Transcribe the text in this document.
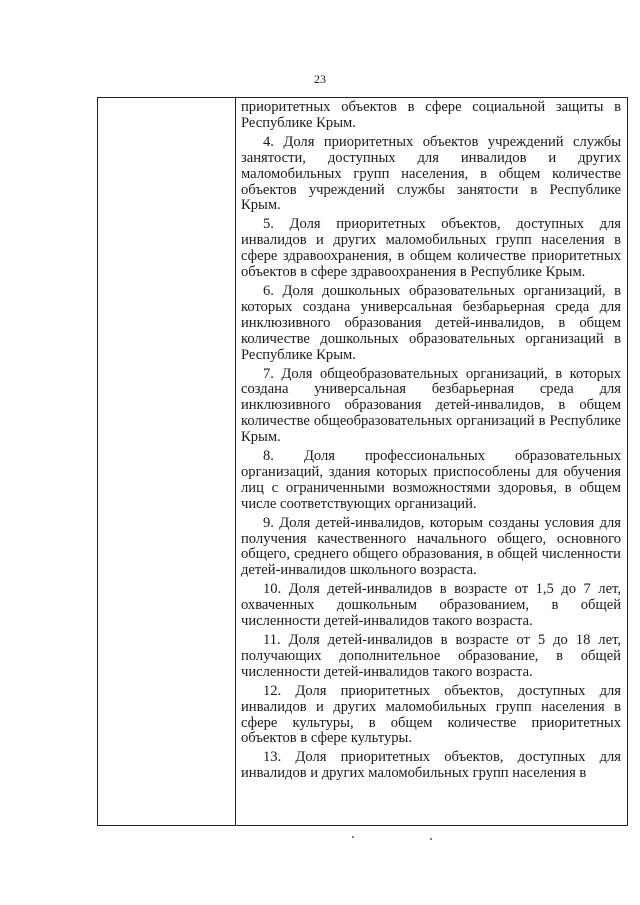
23

приоритетных объектов в сфере социальной защиты в Республике Крым.

4. Доля приоритетных объектов учреждений службы занятости, доступных для инвалидов и других маломобильных групп населения, в общем количестве объектов учреждений службы занятости в Республике Крым.

5. Доля приоритетных объектов, доступных для инвалидов и других маломобильных групп населения в сфере здравоохранения, в общем количестве приоритетных объектов в сфере здравоохранения в Республике Крым.

6. Доля дошкольных образовательных организаций, в которых создана универсальная безбарьерная среда для инклюзивного образования детей-инвалидов, в общем количестве дошкольных образовательных организаций в Республике Крым.

7. Доля общеобразовательных организаций, в которых создана универсальная безбарьерная среда для инклюзивного образования детей-инвалидов, в общем количестве общеобразовательных организаций в Республике Крым.

8. Доля профессиональных образовательных организаций, здания которых приспособлены для обучения лиц с ограниченными возможностями здоровья, в общем числе соответствующих организаций.

9. Доля детей-инвалидов, которым созданы условия для получения качественного начального общего, основного общего, среднего общего образования, в общей численности детей-инвалидов школьного возраста.

10. Доля детей-инвалидов в возрасте от 1,5 до 7 лет, охваченных дошкольным образованием, в общей численности детей-инвалидов такого возраста.

11. Доля детей-инвалидов в возрасте от 5 до 18 лет, получающих дополнительное образование, в общей численности детей-инвалидов такого возраста.

12. Доля приоритетных объектов, доступных для инвалидов и других маломобильных групп населения в сфере культуры, в общем количестве приоритетных объектов в сфере культуры.

13. Доля приоритетных объектов, доступных для инвалидов и других маломобильных групп населения в
